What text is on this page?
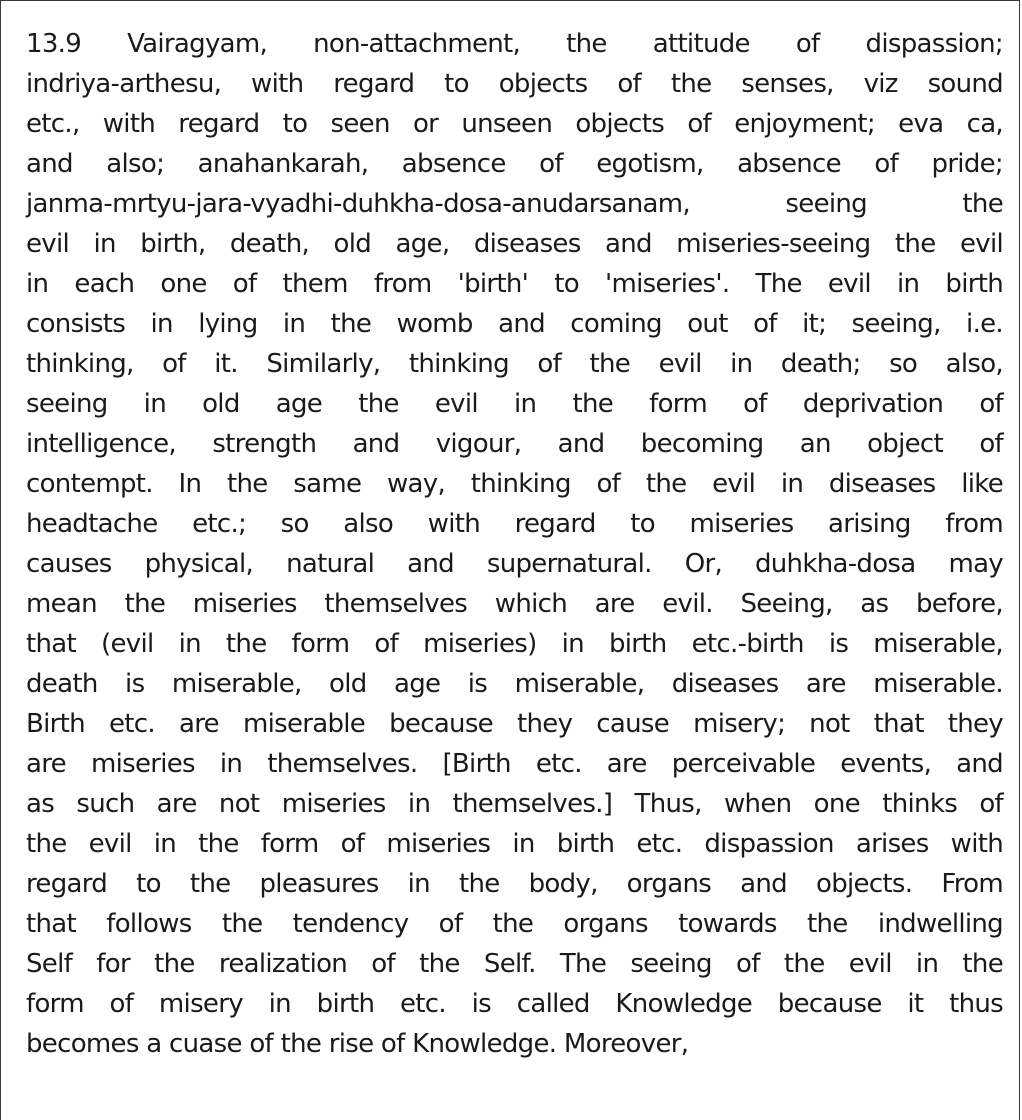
13.9 Vairagyam, non-attachment, the attitude of dispassion;
indriya-arthesu, with regard to objects of the senses, viz sound
etc., with regard to seen or unseen objects of enjoyment; eva ca,
and also; anahankarah, absence of egotism, absence of pride;
janma-mrtyu-jara-vyadhi-duhkha-dosa-anudarsanam, seeing the
evil in birth, death, old age, diseases and miseries-seeing the evil
in each one of them from 'birth' to 'miseries'. The evil in birth
consists in lying in the womb and coming out of it; seeing, i.e.
thinking, of it. Similarly, thinking of the evil in death; so also,
seeing in old age the evil in the form of deprivation of
intelligence, strength and vigour, and becoming an object of
contempt. In the same way, thinking of the evil in diseases like
headtache etc.; so also with regard to miseries arising from
causes physical, natural and supernatural. Or, duhkha-dosa may
mean the miseries themselves which are evil. Seeing, as before,
that (evil in the form of miseries) in birth etc.-birth is miserable,
death is miserable, old age is miserable, diseases are miserable.
Birth etc. are miserable because they cause misery; not that they
are miseries in themselves. [Birth etc. are perceivable events, and
as such are not miseries in themselves.] Thus, when one thinks of
the evil in the form of miseries in birth etc. dispassion arises with
regard to the pleasures in the body, organs and objects. From
that follows the tendency of the organs towards the indwelling
Self for the realization of the Self. The seeing of the evil in the
form of misery in birth etc. is called Knowledge because it thus
becomes a cuase of the rise of Knowledge. Moreover,
